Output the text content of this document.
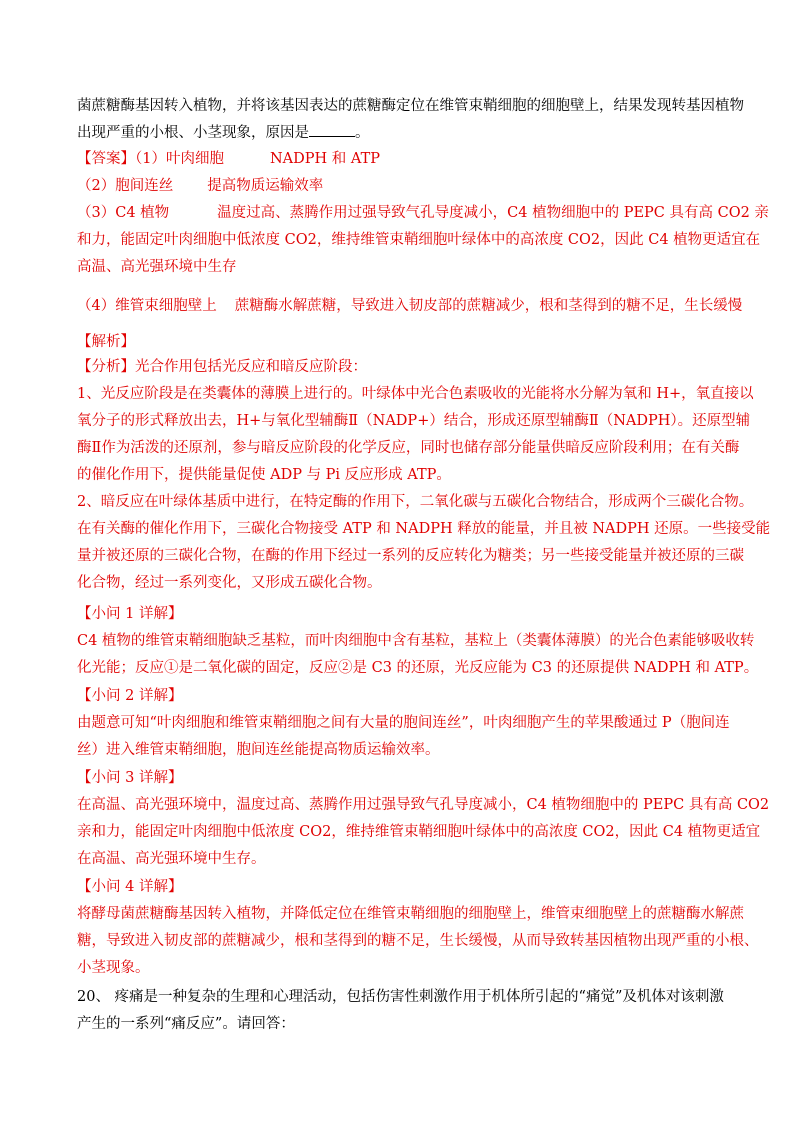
菌蔗糖酶基因转入植物，并将该基因表达的蔗糖酶定位在维管束鞘细胞的细胞壁上，结果发现转基因植物
出现严重的小根、小茎现象，原因是	。
【答案】（1）叶肉细胞	NADPH 和 ATP
（2）胞间连丝 提高物质运输效率
（3）C4 植物	温度过高、蒸腾作用过强导致气孔导度减小，C4 植物细胞中的 PEPC 具有高 CO2 亲
和力，能固定叶肉细胞中低浓度 CO2，维持维管束鞘细胞叶绿体中的高浓度 CO2，因此 C4 植物更适宜在
高温、高光强环境中生存
（4）维管束细胞壁上 蔗糖酶水解蔗糖，导致进入韧皮部的蔗糖减少，根和茎得到的糖不足，生长缓慢
【解析】
【分析】光合作用包括光反应和暗反应阶段：
1、光反应阶段是在类囊体的薄膜上进行的。叶绿体中光合色素吸收的光能将水分解为氧和 H+，氧直接以
氧分子的形式释放出去，H+与氧化型辅酶Ⅱ（NADP+）结合，形成还原型辅酶Ⅱ（NADPH）。还原型辅
酶Ⅱ作为活泼的还原剂，参与暗反应阶段的化学反应，同时也储存部分能量供暗反应阶段利用；在有关酶
的催化作用下，提供能量促使 ADP 与 Pi 反应形成 ATP。
2、暗反应在叶绿体基质中进行，在特定酶的作用下，二氧化碳与五碳化合物结合，形成两个三碳化合物。
在有关酶的催化作用下，三碳化合物接受 ATP 和 NADPH 释放的能量，并且被 NADPH 还原。一些接受能
量并被还原的三碳化合物，在酶的作用下经过一系列的反应转化为糖类；另一些接受能量并被还原的三碳
化合物，经过一系列变化，又形成五碳化合物。
【小问 1 详解】
C4 植物的维管束鞘细胞缺乏基粒，而叶肉细胞中含有基粒，基粒上（类囊体薄膜）的光合色素能够吸收转
化光能；反应①是二氧化碳的固定，反应②是 C3 的还原，光反应能为 C3 的还原提供 NADPH 和 ATP。
【小问 2 详解】
由题意可知“叶肉细胞和维管束鞘细胞之间有大量的胞间连丝”，叶肉细胞产生的苹果酸通过 P（胞间连
丝）进入维管束鞘细胞，胞间连丝能提高物质运输效率。
【小问 3 详解】
在高温、高光强环境中，温度过高、蒸腾作用过强导致气孔导度减小，C4 植物细胞中的 PEPC 具有高 CO2
亲和力，能固定叶肉细胞中低浓度 CO2，维持维管束鞘细胞叶绿体中的高浓度 CO2，因此 C4 植物更适宜
在高温、高光强环境中生存。
【小问 4 详解】
将酵母菌蔗糖酶基因转入植物，并降低定位在维管束鞘细胞的细胞壁上，维管束细胞壁上的蔗糖酶水解蔗
糖，导致进入韧皮部的蔗糖减少，根和茎得到的糖不足，生长缓慢，从而导致转基因植物出现严重的小根、
小茎现象。
20、 疼痛是一种复杂的生理和心理活动，包括伤害性刺激作用于机体所引起的“痛觉”及机体对该刺激
产生的一系列“痛反应”。请回答：
